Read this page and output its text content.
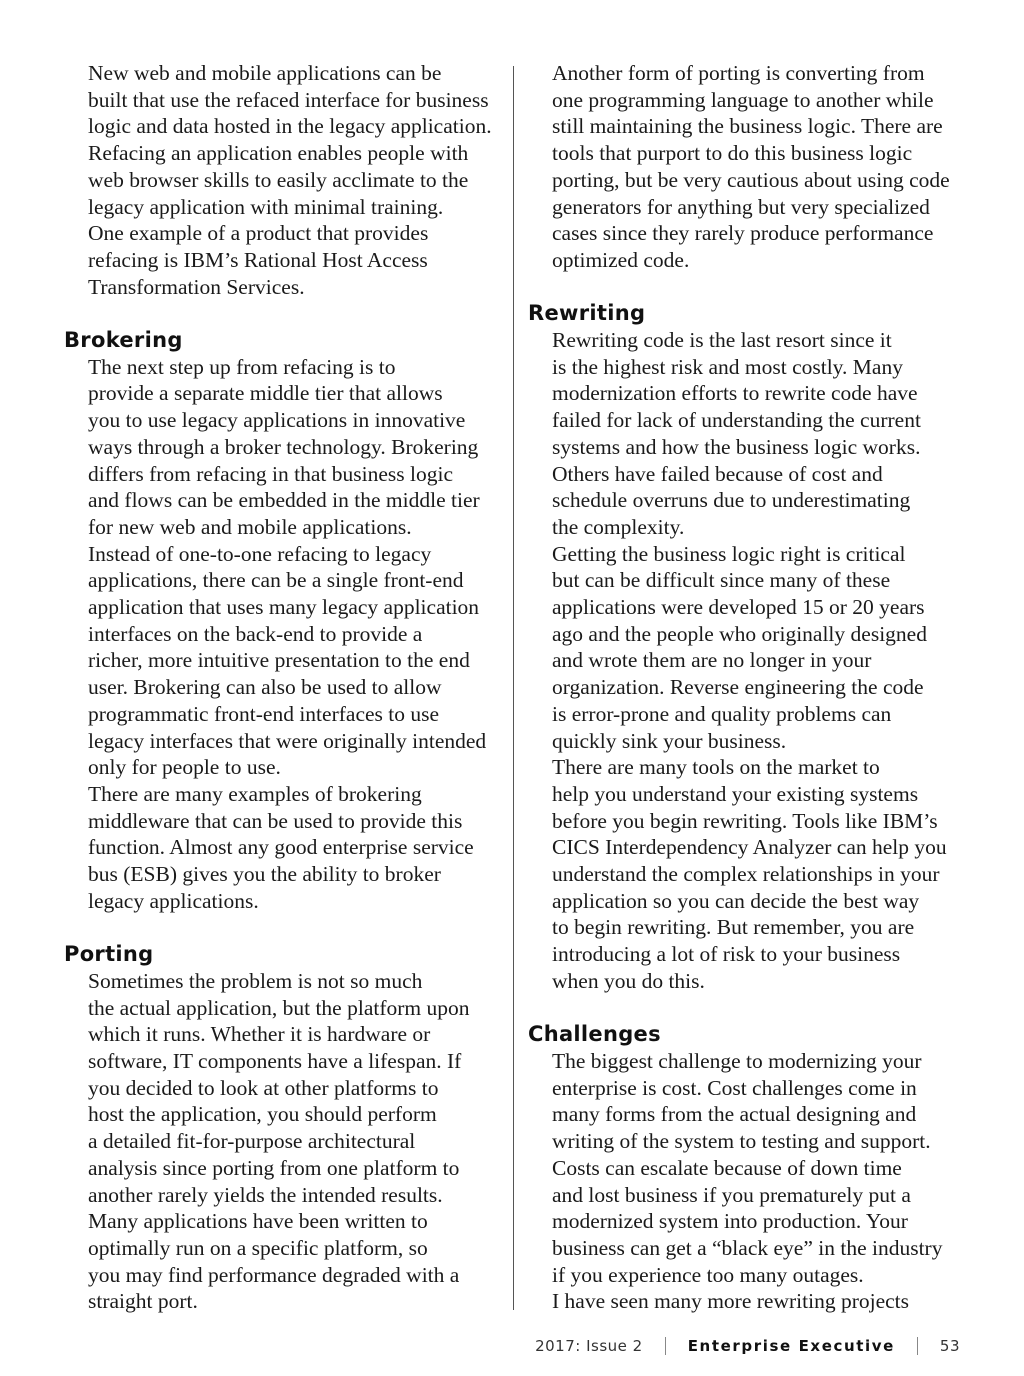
New web and mobile applications can be
built that use the refaced interface for business
logic and data hosted in the legacy application.
Refacing an application enables people with
web browser skills to easily acclimate to the
legacy application with minimal training.

One example of a product that provides
refacing is IBM’s Rational Host Access
Transformation Services.

Brokering

The next step up from refacing is to
provide a separate middle tier that allows
you to use legacy applications in innovative
ways through a broker technology. Brokering
differs from refacing in that business logic
and flows can be embedded in the middle tier
for new web and mobile applications.

Instead of one-to-one refacing to legacy
applications, there can be a single front-end
application that uses many legacy application
interfaces on the back-end to provide a
richer, more intuitive presentation to the end
user. Brokering can also be used to allow
programmatic front-end interfaces to use
legacy interfaces that were originally intended
only for people to use.

There are many examples of brokering
middleware that can be used to provide this
function. Almost any good enterprise service
bus (ESB) gives you the ability to broker
legacy applications.

Porting

Sometimes the problem is not so much
the actual application, but the platform upon
which it runs. Whether it is hardware or
software, IT components have a lifespan. If
you decided to look at other platforms to
host the application, you should perform
a detailed fit-for-purpose architectural
analysis since porting from one platform to
another rarely yields the intended results.
Many applications have been written to
optimally run on a specific platform, so
you may find performance degraded with a
straight port.

Another form of porting is converting from
one programming language to another while
still maintaining the business logic. There are
tools that purport to do this business logic
porting, but be very cautious about using code
generators for anything but very specialized
cases since they rarely produce performance
optimized code.

Rewriting

Rewriting code is the last resort since it
is the highest risk and most costly. Many
modernization efforts to rewrite code have
failed for lack of understanding the current
systems and how the business logic works.
Others have failed because of cost and
schedule overruns due to underestimating
the complexity.

Getting the business logic right is critical
but can be difficult since many of these
applications were developed 15 or 20 years
ago and the people who originally designed
and wrote them are no longer in your
organization. Reverse engineering the code
is error-prone and quality problems can
quickly sink your business.

There are many tools on the market to
help you understand your existing systems
before you begin rewriting. Tools like IBM’s
CICS Interdependency Analyzer can help you
understand the complex relationships in your
application so you can decide the best way
to begin rewriting. But remember, you are
introducing a lot of risk to your business
when you do this.

Challenges

The biggest challenge to modernizing your
enterprise is cost. Cost challenges come in
many forms from the actual designing and
writing of the system to testing and support.
Costs can escalate because of down time
and lost business if you prematurely put a
modernized system into production. Your
business can get a “black eye” in the industry
if you experience too many outages.

I have seen many more rewriting projects

2017: Issue 2	Enterprise Executive	53
